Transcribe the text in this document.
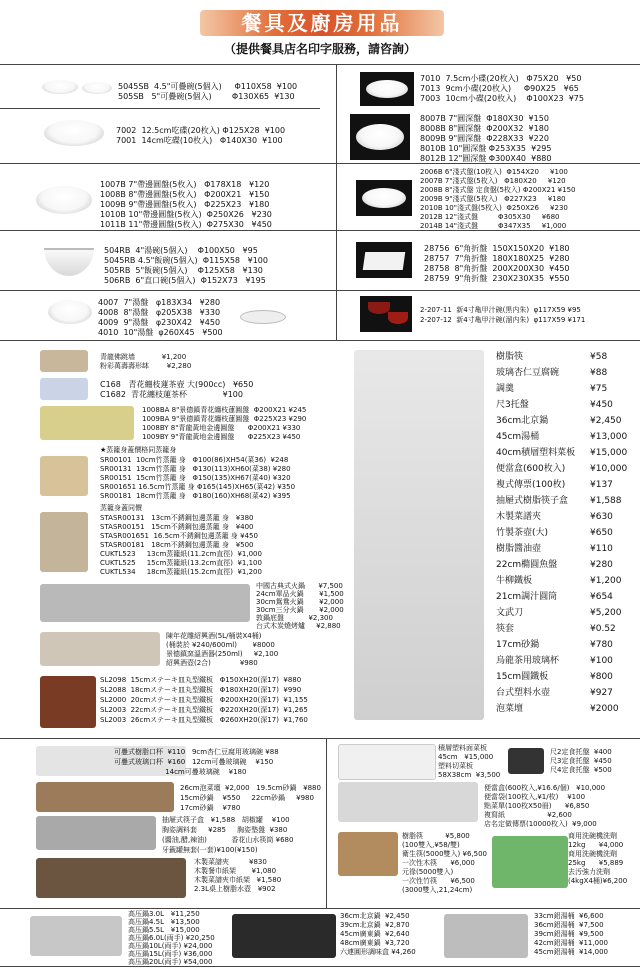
餐具及廚房用品
（提供餐具店名印字服務，請咨詢）
5045SB  4.5"可疊碗(5個入)     Φ110X58  ¥100
505SB   5"可疊碗(5個入)        Φ130X65  ¥130
7010  7.5cm小碟(20枚入)   Φ75X20   ¥50
7013  9cm小碟(20枚入)     Φ90X25   ¥65
7003  10cm小碟(20枚入)    Φ100X23  ¥75
7002  12.5cm吃碟(20枚入) Φ125X28  ¥100
7001  14cm吃碟(10枚入)   Φ140X30  ¥100
8007B 7"圓深盤  Φ180X30  ¥150
8008B 8"圓深盤  Φ200X32  ¥180
8009B 9"圓深盤  Φ228X33  ¥220
8010B 10"圓深盤 Φ253X35  ¥295
8012B 12"圓深盤 Φ300X40  ¥880
1007B 7"帶邊圓盤(5枚入)   Φ178X18   ¥120
1008B 8"帶邊圓盤(5枚入)   Φ200X21   ¥150
1009B 9"帶邊圓盤(5枚入)   Φ225X23   ¥180
1010B 10"帶邊圓盤(5枚入)  Φ250X26   ¥230
1011B 11"帶邊圓盤(5枚入)  Φ275X30   ¥450
2006B 6"淺式盤(10枚入)  Φ154X20     ¥100
2007B 7"淺式盤(5枚入)   Φ180X20     ¥120
2008B 8"淺式盤 定食盤(5枚入) Φ200X21 ¥150
2009B 9"淺式盤(5枚入)   Φ227X23     ¥180
2010B 10"淺式盤(5枚入)  Φ250X26     ¥230
2012B 12"淺式盤         Φ305X30     ¥680
2014B 14"淺式盤         Φ347X35     ¥1,000
504RB  4"湯碗(5個入)    Φ100X50   ¥95
5045RB 4.5"飯碗(5個入)  Φ115X58   ¥100
505RB  5"飯碗(5個入)    Φ125X58   ¥130
506RB  6"直口碗(5個入)  Φ152X73   ¥195
28756  6"角折盤  150X150X20  ¥180
28757  7"角折盤  180X180X25  ¥280
28758  8"角折盤  200X200X30  ¥450
28759  9"角折盤  230X230X35  ¥550
4007  7"湯盤   φ183X34   ¥280
4008  8"湯盤   φ205X38   ¥330
4009  9"湯盤   φ230X42   ¥450
4010  10"湯盤  φ260X45   ¥500
2-207-11  新4寸亀甲汁碗(黒内朱)  φ117X59 ¥95
2-207-12  新4寸亀甲汁碗(溜内朱)  φ117X59 ¥171
青龍佛跳墙            ¥1,200
粉彩萬壽壽形缽        ¥2,280
C168   青花纏枝蓮茶壺 大(900cc)   ¥650
C1682  青花纏枝蓮茶杯              ¥100
1008BA 8"景德鎮青花纏枝蓮圓盤  Φ200X21 ¥245
1009BA 9"景德鎮青花纏枝蓮圓盤  Φ225X23 ¥290
1008BY 8"青龍黃地金邊圓盤      Φ200X21 ¥330
1009BY 9"青龍黃地金邊圓盤      Φ225X23 ¥450
★蒸籠身蓋價格同蒸籠身
SR00101  10cm竹蒸籠 身   Φ100(86)XH54(菜36)  ¥248
SR00131  13cm竹蒸籠 身   Φ130(113)XH60(菜38) ¥280
SR00151  15cm竹蒸籠 身   Φ150(135)XH67(菜40) ¥320
SR001651 16.5cm竹蒸籠 身 Φ165(145)XH65(菜42) ¥350
SR00181  18cm竹蒸籠 身   Φ180(160)XH68(菜42) ¥395
蒸籠身蓋同價
STASR00131   13cm不銹鋼包邊蒸籠 身   ¥380
STASR00151   15cm不銹鋼包邊蒸籠 身   ¥400
STASR001651  16.5cm不銹鋼包邊蒸籠 身 ¥450
STASR00181   18cm不銹鋼包邊蒸籠 身   ¥500
CUKTL523     13cm蒸籠紙(11.2cm直徑)  ¥1,000
CUKTL525     15cm蒸籠紙(13.2cm直徑)  ¥1,100
CUKTL534     18cm蒸籠紙(15.2cm直徑)  ¥1,200
中國古典式火鍋      ¥7,500
24cm單品火鍋       ¥1,500
30cm鴛鴦火鍋       ¥2,000
30cm三分火鍋       ¥2,000
敦鍋底盤           ¥2,300
台式木炭燒烤爐     ¥2,880
陳年花雕紹興酒(5L/桶裝X4桶)
(桶裝於 ¥240/600ml)       ¥8000
景德鎮窯溫酒器(250ml)     ¥2,100
紹興酒壺(2合)             ¥980
SL2098  15cmステーキ皿丸型鐵板   Φ150XH20(深17)  ¥880
SL2088  18cmステーキ皿丸型鐵板   Φ180XH20(深17)  ¥990
SL2000  20cmステーキ皿丸型鐵板   Φ200XH20(深17)  ¥1,155
SL2003  22cmステーキ皿丸型鐵板   Φ220XH20(深17)  ¥1,265
SL2003  26cmステーキ皿丸型鐵板   Φ260XH20(深17)  ¥1,760
樹脂筷	¥58
玻璃杏仁豆腐碗	¥88
調羹	¥75
尺3托盤	¥450
36cm北京鍋	¥2,450
45cm湯桶	¥13,000
40cm積層塑料菜板 ¥15,000
便當盒(600枚入)	¥10,000
複式傳票(100枚)	¥137
抽屜式樹脂筷子盒 ¥1,588
木製菜譜夾	¥630
竹製茶壺(大)	¥650
樹脂醬油壺	¥110
22cm橢圓魚盤	¥280
牛柳鐵板	¥1,200
21cm調汁圓筒	¥654
文武刀	¥5,200
筷套	¥0.52
17cm砂鍋	¥780
烏龍茶用玻璃杯	¥100
15cm圓鐵板	¥800
台式塑料水壺	¥927
泡菜壇	¥2000
可疊式樹脂口杯  ¥110   9cm杏仁豆腐用玻璃碗 ¥88
可疊式玻璃口杯  ¥160   12cm可疊玻璃碗    ¥150
14cm可疊玻璃碗    ¥180
26cm泡菜壇  ¥2,000   19.5cm砂鍋   ¥880
15cm砂鍋    ¥550     22cm砂鍋     ¥980
17cm砂鍋    ¥780
抽屜式筷子盒   ¥1,588   胡椒罐    ¥100
胸姿調料套     ¥285     胸姿墊盤  ¥380
(醬油,醋,辣油)           香花山水筷筒 ¥680
牙籤罐無套(一套)¥100(¥150)
木製菜譜夾         ¥830
木製餐巾紙架       ¥1,080
木製菜譜夾巾紙架   ¥1,580
2.3L桌上樹脂水壺   ¥902
積層塑料面菜板
45cm   ¥15,000
塑料切菜板
58X38cm  ¥3,500
尺2定食托盤  ¥400
尺3定食托盤  ¥450
尺4定食托盤  ¥500
便當盒(600枚入,¥16.6/個)   ¥10,000
便當袋(100枚入,¥1/枚)    ¥100
點菜單(100枚X50冊)      ¥6,850
複寫紙                   ¥2,600
店名定做傳票(10000枚入)  ¥9,000
樹脂筷          ¥5,800
(100雙入,¥58/雙)
衛生筷(5000雙入) ¥6,500
一次性木筷      ¥6,000
元祿(5000雙入)
一次性竹筷      ¥6,500
(3000雙入,21,24cm)
商用洗碗機洗劑
12kg      ¥4,000
商用洗碗機洗劑
25kg      ¥5,889
去汚強力洗劑
(4kgX4桶)¥6,200
高压鍋3.0L   ¥11,250
高压鍋4.5L   ¥13,500
高压鍋5.5L   ¥15,000
高压鍋6.0L(両手) ¥20,250
高压鍋10L(両手) ¥24,000
高压鍋15L(両手) ¥36,000
高压鍋20L(両手) ¥54,000
36cm北京鍋  ¥2,450
39cm北京鍋  ¥2,870
45cm廣東鍋  ¥2,640
48cm廣東鍋  ¥3,720
六連圓形調味盒 ¥4,260
33cm鋁湯桶  ¥6,600
36cm鋁湯桶  ¥7,500
39cm鋁湯桶  ¥9,500
42cm鋁湯桶  ¥11,000
45cm鋁湯桶  ¥14,000
